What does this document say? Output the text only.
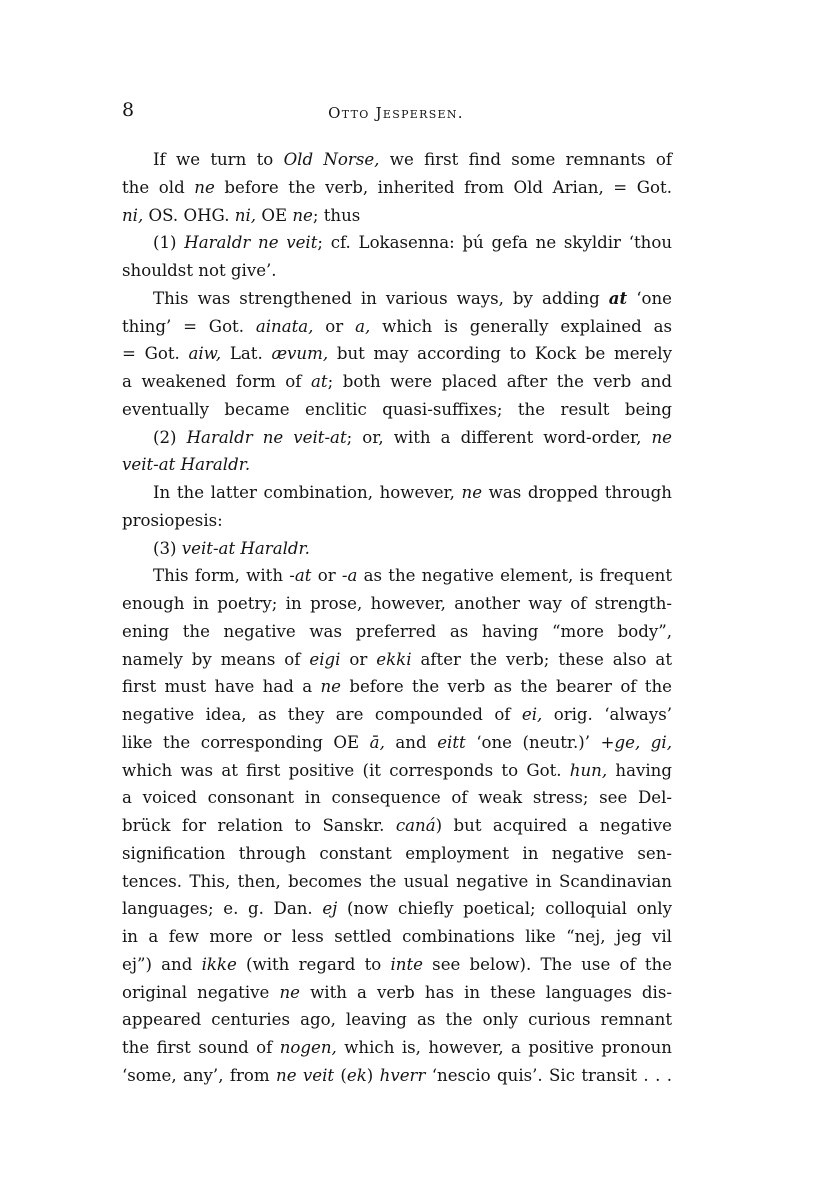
8	Otto Jespersen.
If we turn to Old Norse, we first find some remnants of
the old ne before the verb, inherited from Old Arian, = Got.
ni, OS. OHG. ni, OE ne; thus
(1) Haraldr ne veit; cf. Lokasenna: þú gefa ne skyldir ‘thou
shouldst not give’.
This was strengthened in various ways, by adding at ‘one
thing’ = Got. ainata, or a, which is generally explained as
= Got. aiw, Lat. ævum, but may according to Kock be merely
a weakened form of at; both were placed after the verb and
eventually became enclitic quasi-suffixes; the result being
(2) Haraldr ne veit-at; or, with a different word-order, ne
veit-at Haraldr.
In the latter combination, however, ne was dropped through
prosiopesis:
(3) veit-at Haraldr.
This form, with -at or -a as the negative element, is frequent
enough in poetry; in prose, however, another way of strength-
ening the negative was preferred as having “more body”,
namely by means of eigi or ekki after the verb; these also at
first must have had a ne before the verb as the bearer of the
negative idea, as they are compounded of ei, orig. ‘always’
like the corresponding OE ā, and eitt ‘one (neutr.)’ +ge, gi,
which was at first positive (it corresponds to Got. hun, having
a voiced consonant in consequence of weak stress; see Del-
brück for relation to Sanskr. caná) but acquired a negative
signification through constant employment in negative sen-
tences. This, then, becomes the usual negative in Scandinavian
languages; e. g. Dan. ej (now chiefly poetical; colloquial only
in a few more or less settled combinations like “nej, jeg vil
ej”) and ikke (with regard to inte see below). The use of the
original negative ne with a verb has in these languages dis-
appeared centuries ago, leaving as the only curious remnant
the first sound of nogen, which is, however, a positive pronoun
‘some, any’, from ne veit (ek) hverr ‘nescio quis’. Sic transit . . .
